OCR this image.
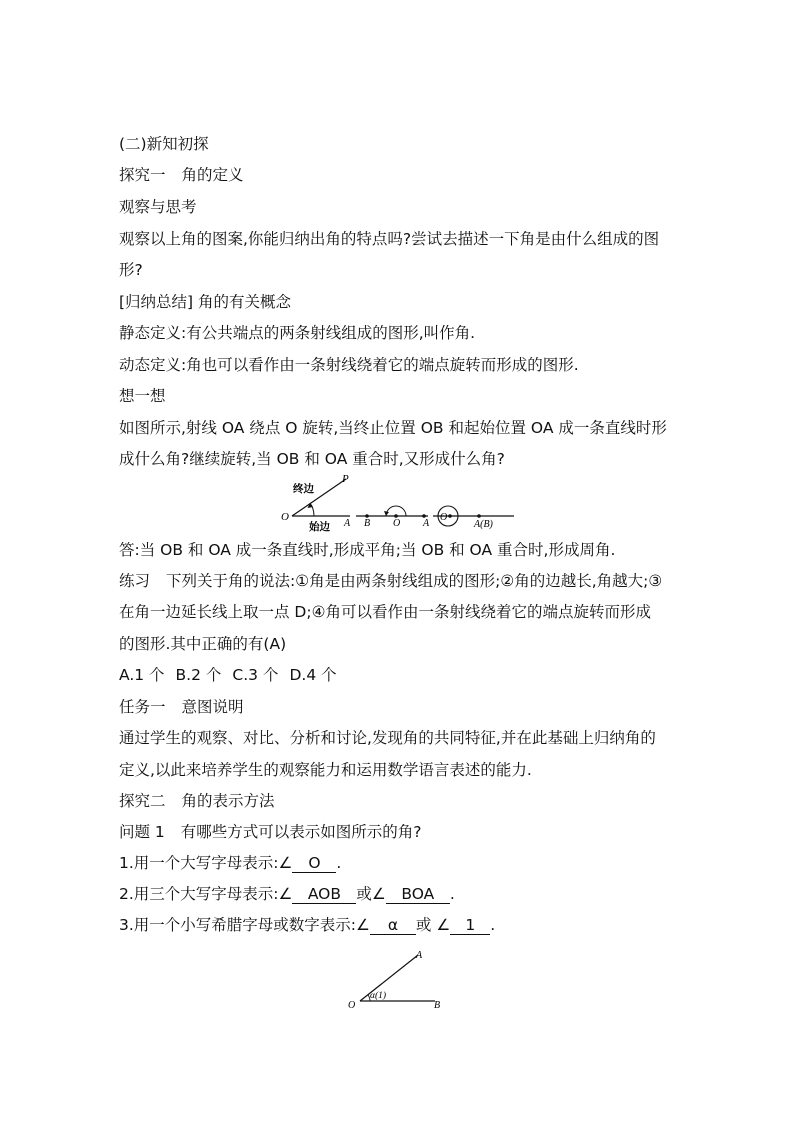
(二)新知初探
探究一 角的定义
观察与思考
观察以上角的图案,你能归纳出角的特点吗?尝试去描述一下角是由什么组成的图
形?
[归纳总结] 角的有关概念
静态定义:有公共端点的两条射线组成的图形,叫作角.
动态定义:角也可以看作由一条射线绕着它的端点旋转而形成的图形.
想一想
如图所示,射线 OA 绕点 O 旋转,当终止位置 OB 和起始位置 OA 成一条直线时形
成什么角?继续旋转,当 OB 和 OA 重合时,又形成什么角?
O
P
终边
始边 A B O A
O
A(B)
答:当 OB 和 OA 成一条直线时,形成平角;当 OB 和 OA 重合时,形成周角.
练习 下列关于角的说法:①角是由两条射线组成的图形;②角的边越长,角越大;③
在角一边延长线上取一点 D;④角可以看作由一条射线绕着它的端点旋转而形成
的图形.其中正确的有(A)
A.1 个 B.2 个 C.3 个 D.4 个
任务一 意图说明
通过学生的观察、对比、分析和讨论,发现角的共同特征,并在此基础上归纳角的
定义,以此来培养学生的观察能力和运用数学语言表述的能力.
探究二 角的表示方法
问题 1 有哪些方式可以表示如图所示的角?
1.用一个大写字母表示:∠ O .
2.用三个大写字母表示:∠ AOB 或∠ BOA .
3.用一个小写希腊字母或数字表示:∠ α 或 ∠ 1 .
O
A
B
α(1)
